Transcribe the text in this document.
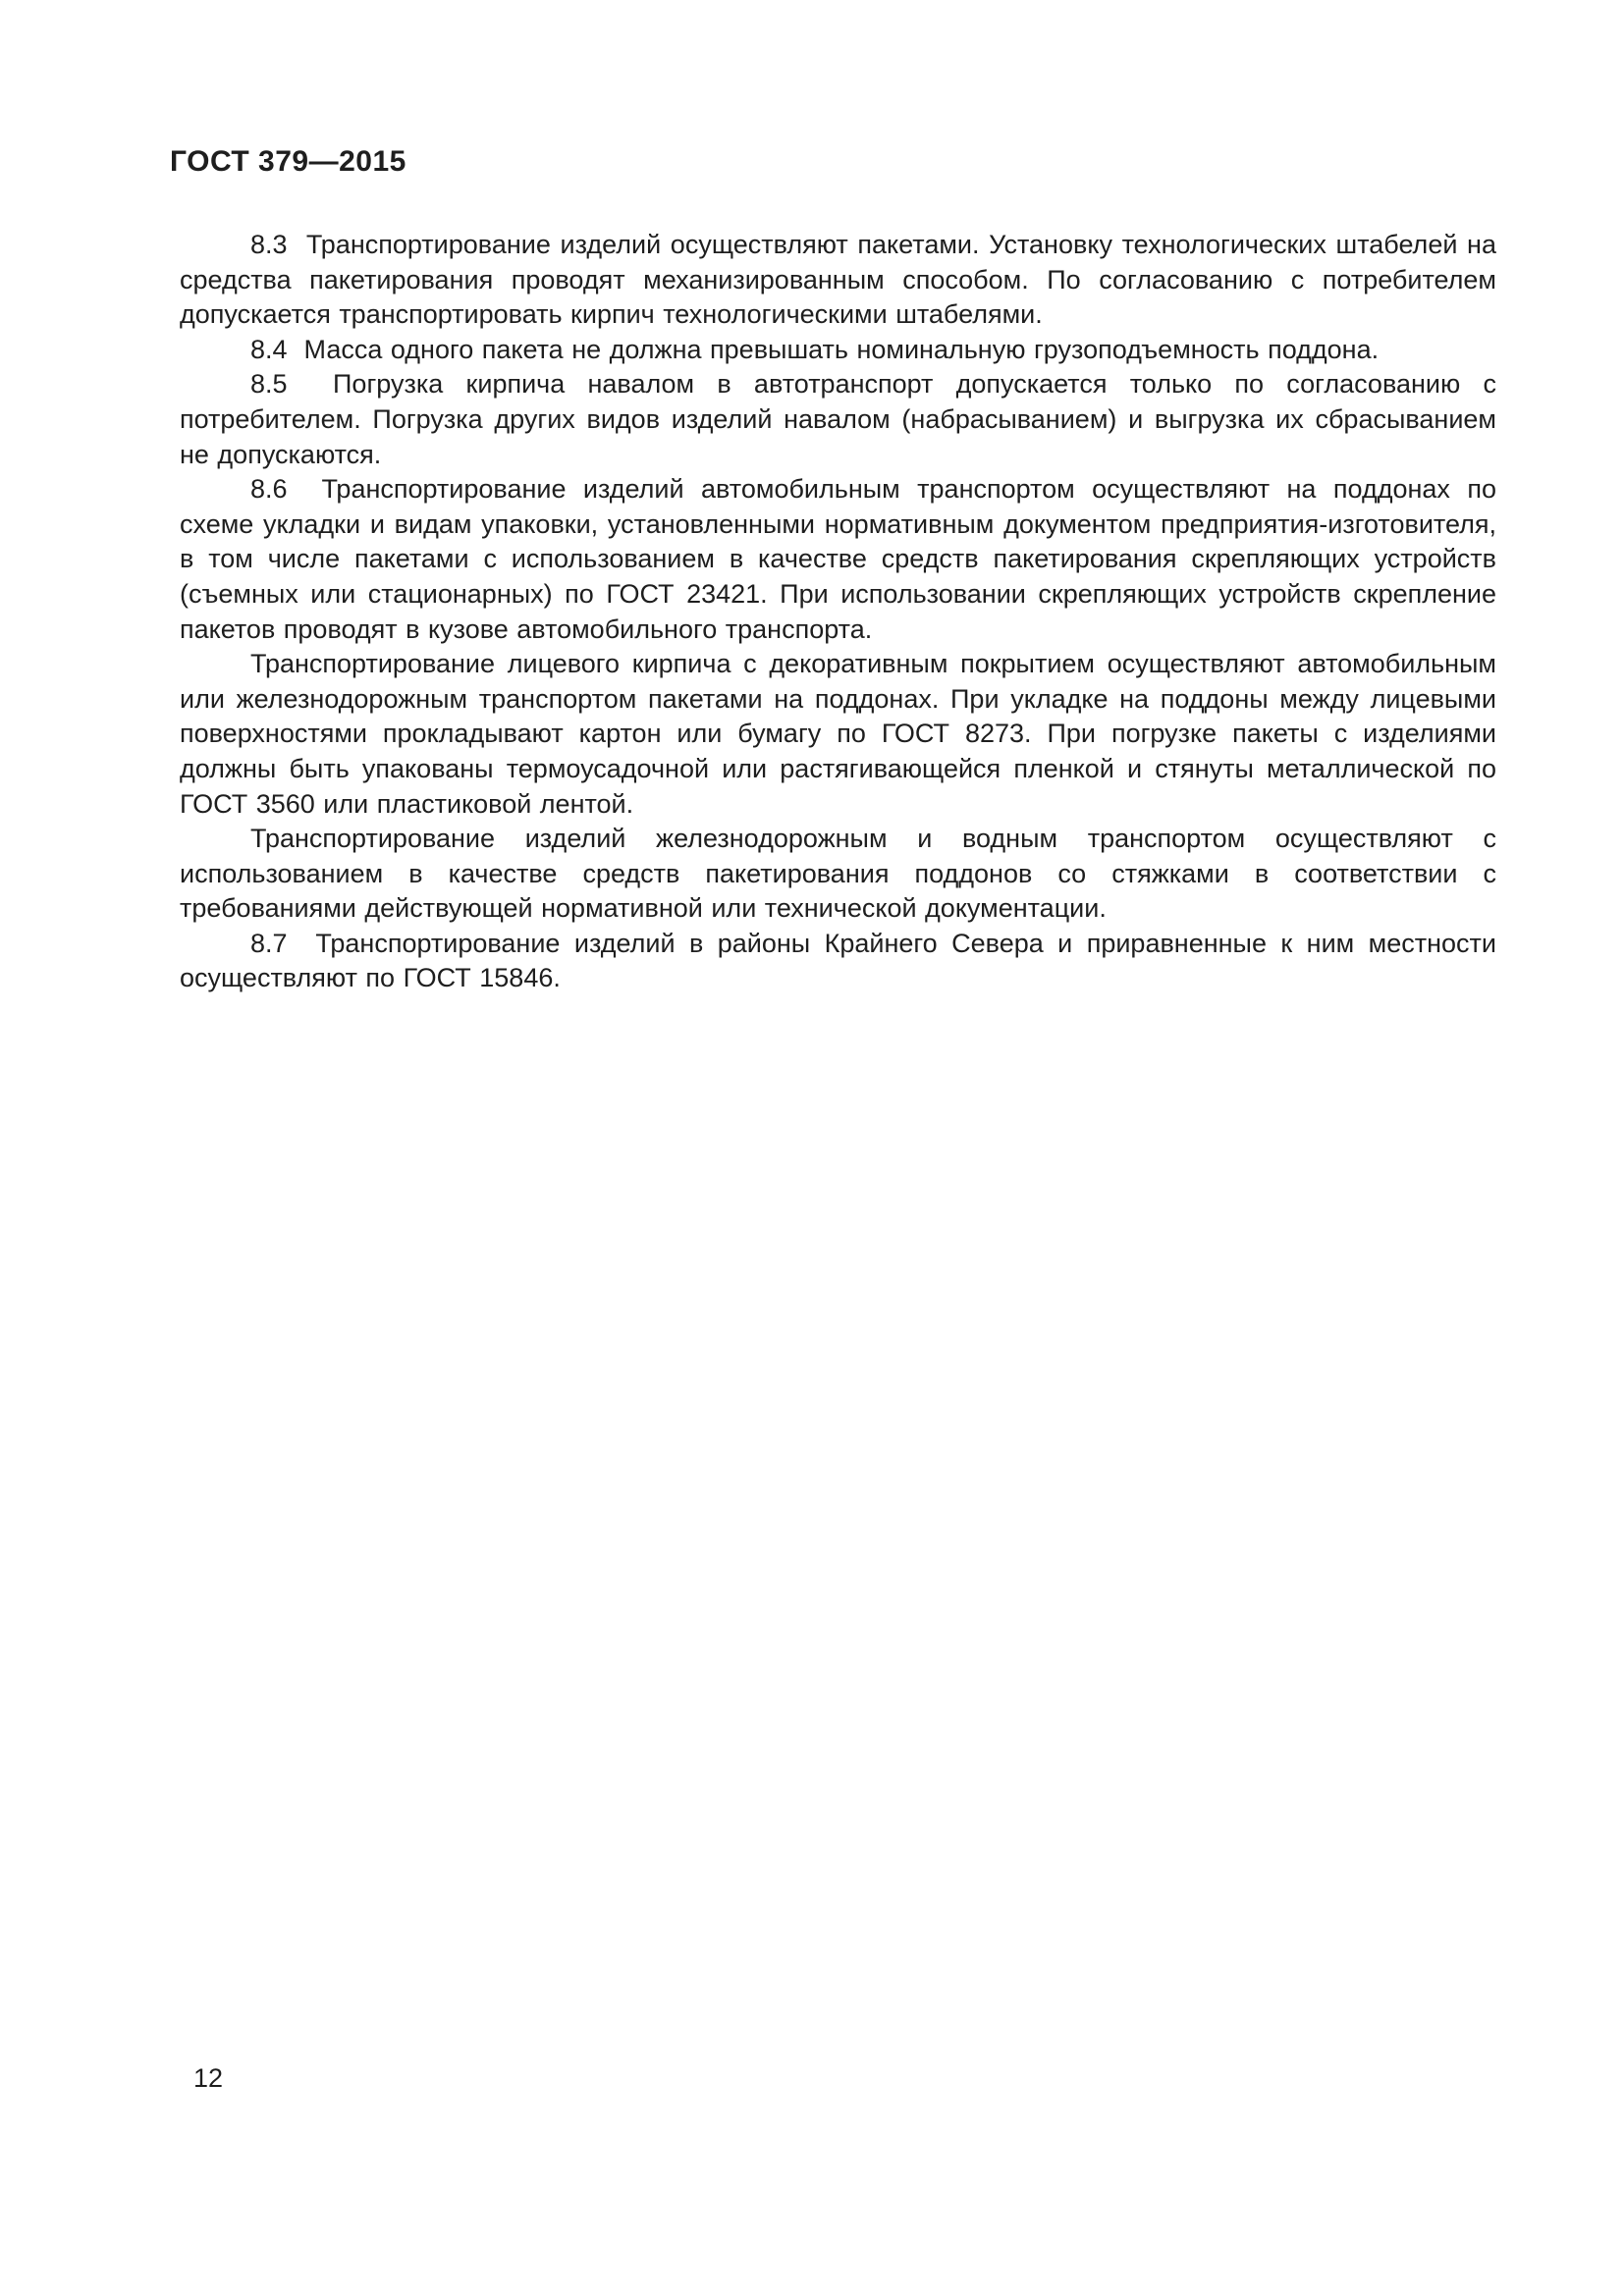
ГОСТ 379—2015

8.3  Транспортирование изделий осуществляют пакетами. Установку технологических штабелей на средства пакетирования проводят механизированным способом. По согласованию с потребителем допускается транспортировать кирпич технологическими штабелями.

8.4  Масса одного пакета не должна превышать номинальную грузоподъемность поддона.

8.5  Погрузка кирпича навалом в автотранспорт допускается только по согласованию с потребителем. Погрузка других видов изделий навалом (набрасыванием) и выгрузка их сбрасыванием не допускаются.

8.6  Транспортирование изделий автомобильным транспортом осуществляют на поддонах по схеме укладки и видам упаковки, установленными нормативным документом предприятия-изготовителя, в том числе пакетами с использованием в качестве средств пакетирования скрепляющих устройств (съемных или стационарных) по ГОСТ 23421. При использовании скрепляющих устройств скрепление пакетов проводят в кузове автомобильного транспорта.

Транспортирование лицевого кирпича с декоративным покрытием осуществляют автомобильным или железнодорожным транспортом пакетами на поддонах. При укладке на поддоны между лицевыми поверхностями прокладывают картон или бумагу по ГОСТ 8273. При погрузке пакеты с изделиями должны быть упакованы термоусадочной или растягивающейся пленкой и стянуты металлической по ГОСТ 3560 или пластиковой лентой.

Транспортирование изделий железнодорожным и водным транспортом осуществляют с использованием в качестве средств пакетирования поддонов со стяжками в соответствии с требованиями действующей нормативной или технической документации.

8.7  Транспортирование изделий в районы Крайнего Севера и приравненные к ним местности осуществляют по ГОСТ 15846.

12
